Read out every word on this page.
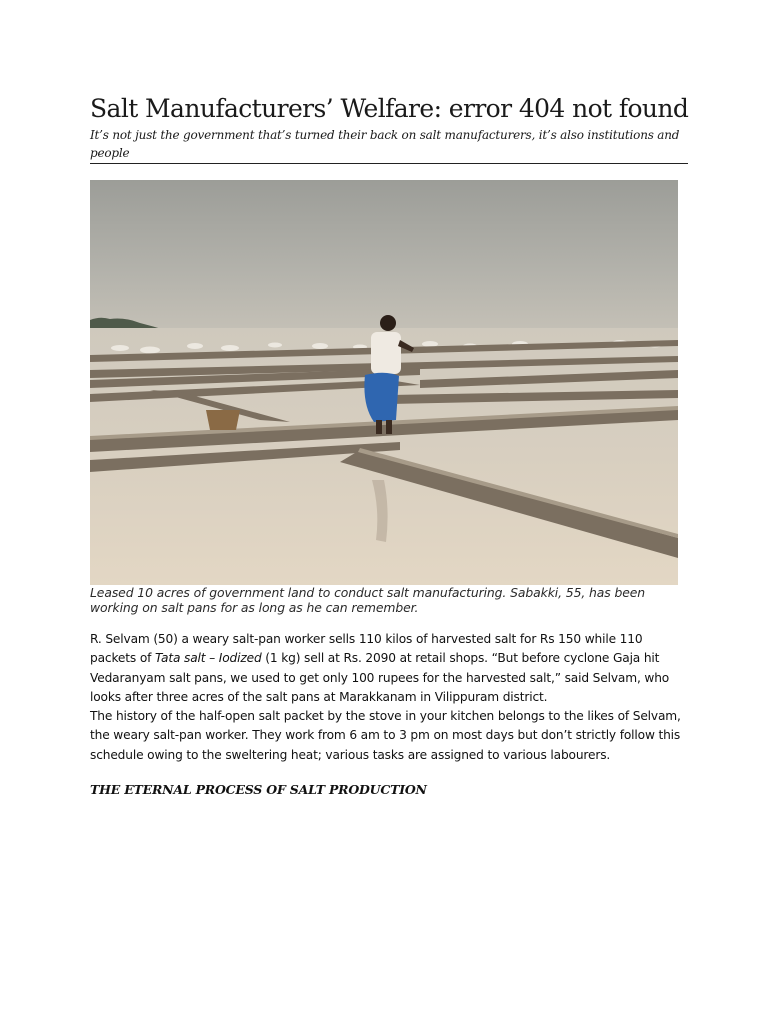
Salt Manufacturers’ Welfare: error 404 not found
It’s not just the government that’s turned their back on salt manufacturers, it’s also institutions and people
Leased 10 acres of government land to conduct salt manufacturing. Sabakki, 55, has been working on salt pans for as long as he can remember.

R. Selvam (50) a weary salt-pan worker sells 110 kilos of harvested salt for Rs 150 while 110 packets of Tata salt – Iodized (1 kg) sell at Rs. 2090 at retail shops. “But before cyclone Gaja hit Vedaranyam salt pans, we used to get only 100 rupees for the harvested salt,” said Selvam, who looks after three acres of the salt pans at Marakkanam in Vilippuram district.

The history of the half-open salt packet by the stove in your kitchen belongs to the likes of Selvam, the weary salt-pan worker. They work from 6 am to 3 pm on most days but don’t strictly follow this schedule owing to the sweltering heat; various tasks are assigned to various labourers.

THE ETERNAL PROCESS OF SALT PRODUCTION
